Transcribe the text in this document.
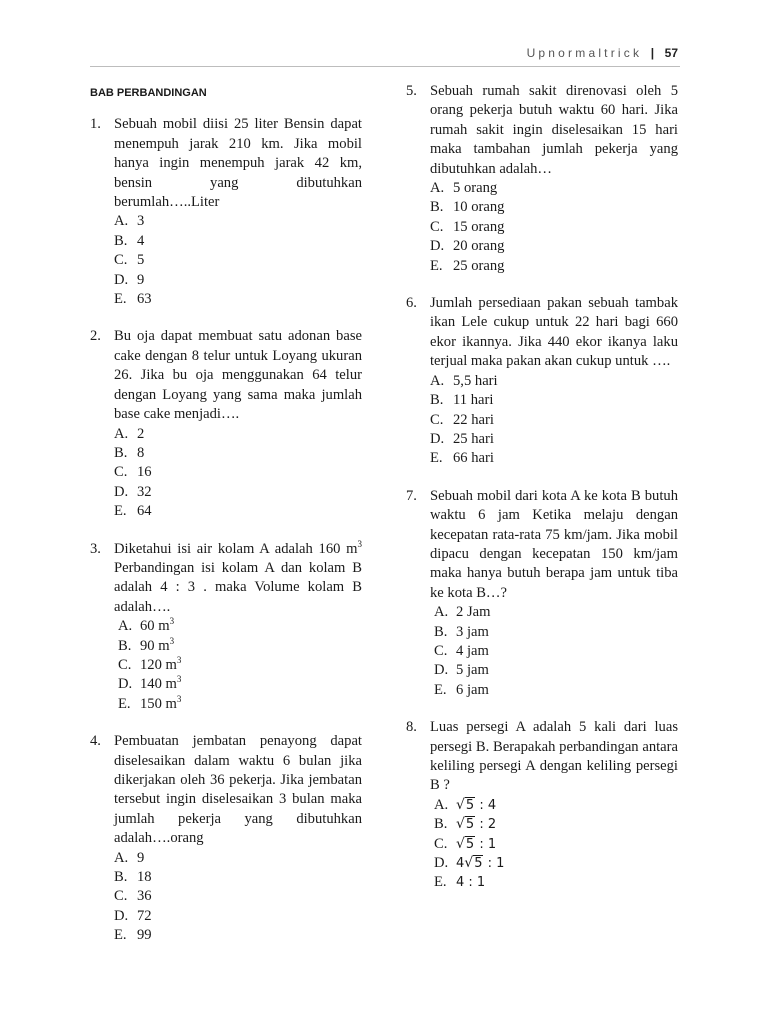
Upnormaltrick | 57
BAB PERBANDINGAN
1. Sebuah mobil diisi 25 liter Bensin dapat menempuh jarak 210 km. Jika mobil hanya ingin menempuh jarak 42 km, bensin yang dibutuhkan berumlah…..Liter
A. 3
B. 4
C. 5
D. 9
E. 63
2. Bu oja dapat membuat satu adonan base cake dengan 8 telur untuk Loyang ukuran 26. Jika bu oja menggunakan 64 telur dengan Loyang yang sama maka jumlah base cake menjadi….
A. 2
B. 8
C. 16
D. 32
E. 64
3. Diketahui isi air kolam A adalah 160 $m^3$ Perbandingan isi kolam A dan kolam B adalah 4 : 3 . maka Volume kolam B adalah….
A. 60 $m^3$
B. 90 $m^3$
C. 120 $m^3$
D. 140 $m^3$
E. 150 $m^3$
4. Pembuatan jembatan penayong dapat diselesaikan dalam waktu 6 bulan jika dikerjakan oleh 36 pekerja. Jika jembatan tersebut ingin diselesaikan 3 bulan maka jumlah pekerja yang dibutuhkan adalah….orang
A. 9
B. 18
C. 36
D. 72
E. 99
5. Sebuah rumah sakit direnovasi oleh 5 orang pekerja butuh waktu 60 hari. Jika rumah sakit ingin diselesaikan 15 hari maka tambahan jumlah pekerja yang dibutuhkan adalah…
A. 5 orang
B. 10 orang
C. 15 orang
D. 20 orang
E. 25 orang
6. Jumlah persediaan pakan sebuah tambak ikan Lele cukup untuk 22 hari bagi 660 ekor ikannya. Jika 440 ekor ikanya laku terjual maka pakan akan cukup untuk ….
A. 5,5 hari
B. 11 hari
C. 22 hari
D. 25 hari
E. 66 hari
7. Sebuah mobil dari kota A ke kota B butuh waktu 6 jam Ketika melaju dengan kecepatan rata-rata 75 km/jam. Jika mobil dipacu dengan kecepatan 150 km/jam maka hanya butuh berapa jam untuk tiba ke kota B…?
A. 2 Jam
B. 3 jam
C. 4 jam
D. 5 jam
E. 6 jam
8. Luas persegi A adalah 5 kali dari luas persegi B. Berapakah perbandingan antara keliling persegi A dengan keliling persegi B ?
A. √5 : 4
B. √5 : 2
C. √5 : 1
D. 4√5 : 1
E. 4 : 1
